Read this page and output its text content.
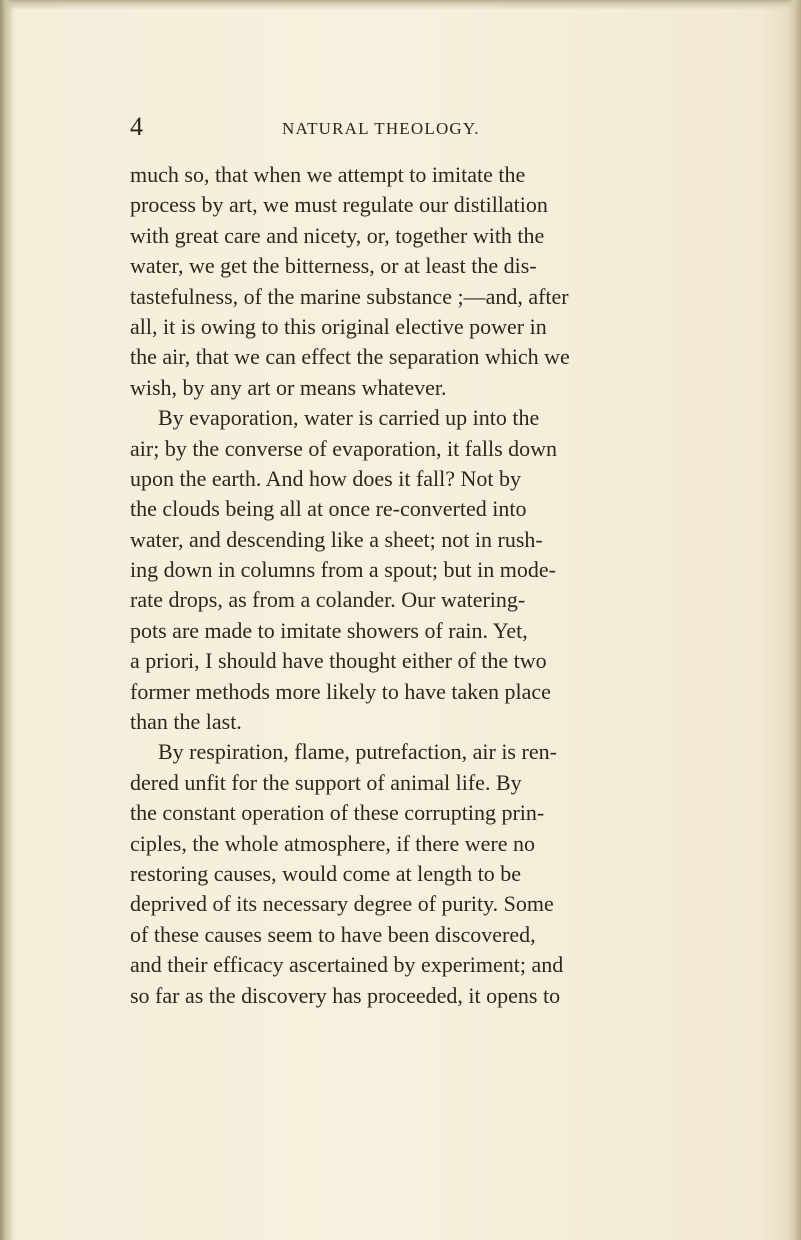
4	NATURAL THEOLOGY.
much so, that when we attempt to imitate the
process by art, we must regulate our distillation
with great care and nicety, or, together with the
water, we get the bitterness, or at least the dis-
tastefulness, of the marine substance ;—and, after
all, it is owing to this original elective power in
the air, that we can effect the separation which we
wish, by any art or means whatever.
By evaporation, water is carried up into the
air; by the converse of evaporation, it falls down
upon the earth. And how does it fall? Not by
the clouds being all at once re-converted into
water, and descending like a sheet; not in rush-
ing down in columns from a spout; but in mode-
rate drops, as from a colander. Our watering-
pots are made to imitate showers of rain. Yet,
a priori, I should have thought either of the two
former methods more likely to have taken place
than the last.
By respiration, flame, putrefaction, air is ren-
dered unfit for the support of animal life. By
the constant operation of these corrupting prin-
ciples, the whole atmosphere, if there were no
restoring causes, would come at length to be
deprived of its necessary degree of purity. Some
of these causes seem to have been discovered,
and their efficacy ascertained by experiment; and
so far as the discovery has proceeded, it opens to
